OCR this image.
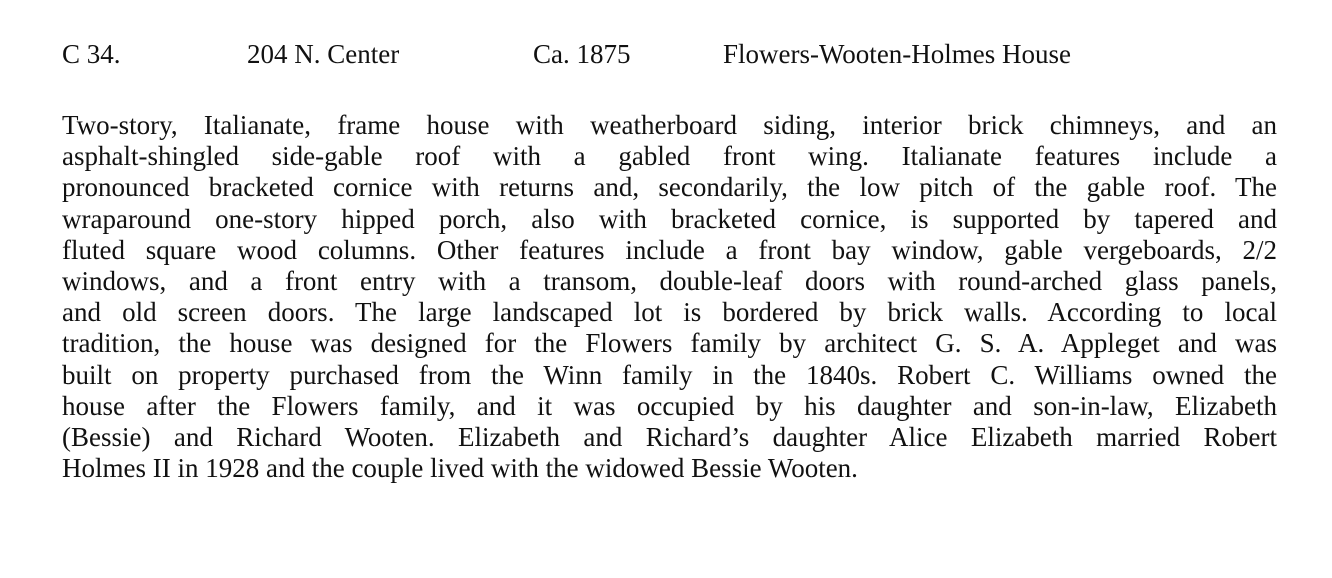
C 34.	204 N. Center	Ca. 1875	Flowers-Wooten-Holmes House

Two-story, Italianate, frame house with weatherboard siding, interior brick chimneys, and an
asphalt-shingled side-gable roof with a gabled front wing. Italianate features include a
pronounced bracketed cornice with returns and, secondarily, the low pitch of the gable roof. The
wraparound one-story hipped porch, also with bracketed cornice, is supported by tapered and
fluted square wood columns. Other features include a front bay window, gable vergeboards, 2/2
windows, and a front entry with a transom, double-leaf doors with round-arched glass panels,
and old screen doors. The large landscaped lot is bordered by brick walls. According to local
tradition, the house was designed for the Flowers family by architect G. S. A. Appleget and was
built on property purchased from the Winn family in the 1840s. Robert C. Williams owned the
house after the Flowers family, and it was occupied by his daughter and son-in-law, Elizabeth
(Bessie) and Richard Wooten. Elizabeth and Richard’s daughter Alice Elizabeth married Robert
Holmes II in 1928 and the couple lived with the widowed Bessie Wooten.
